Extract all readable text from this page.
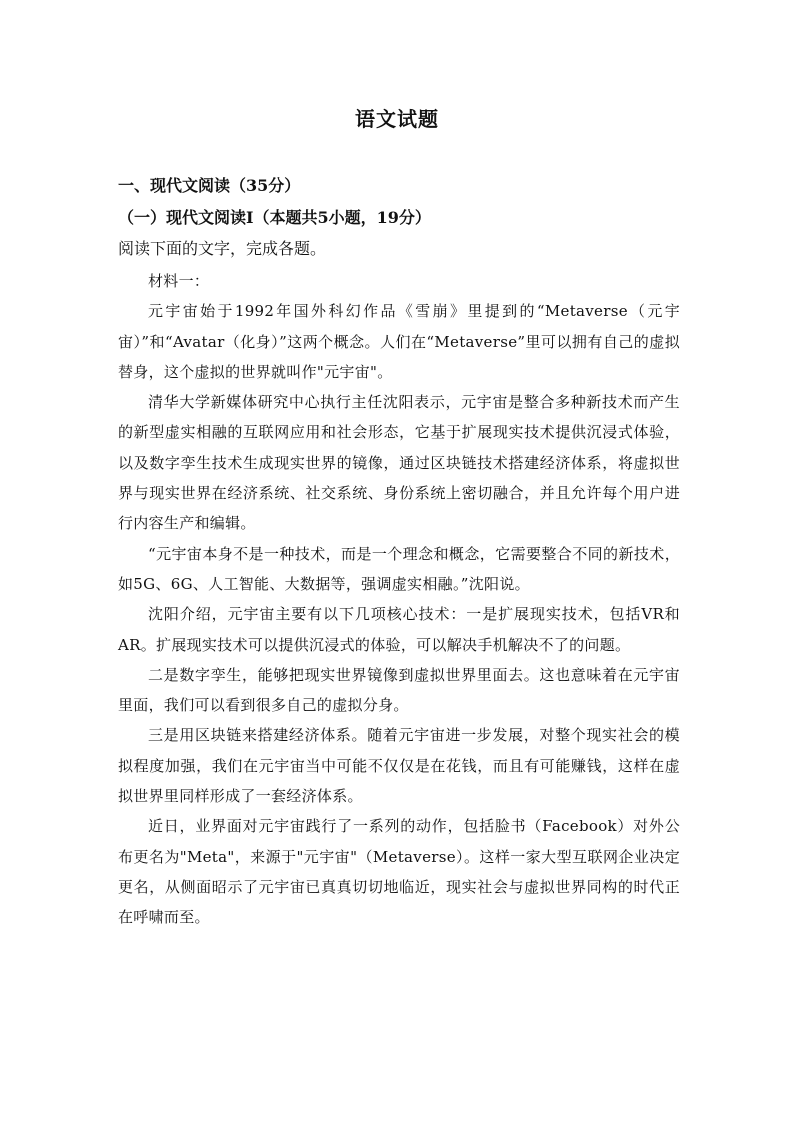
语文试题
一、现代文阅读（35分）
（一）现代文阅读Ⅰ（本题共5小题，19分）
阅读下面的文字，完成各题。

材料一：

元宇宙始于1992年国外科幻作品《雪崩》里提到的“Metaverse（元宇宙）”和“Avatar（化身）”这两个概念。人们在“Metaverse”里可以拥有自己的虚拟替身，这个虚拟的世界就叫作"元宇宙"。

清华大学新媒体研究中心执行主任沈阳表示，元宇宙是整合多种新技术而产生的新型虚实相融的互联网应用和社会形态，它基于扩展现实技术提供沉浸式体验，以及数字孪生技术生成现实世界的镜像，通过区块链技术搭建经济体系，将虚拟世界与现实世界在经济系统、社交系统、身份系统上密切融合，并且允许每个用户进行内容生产和编辑。

“元宇宙本身不是一种技术，而是一个理念和概念，它需要整合不同的新技术，如5G、6G、人工智能、大数据等，强调虚实相融。”沈阳说。

沈阳介绍，元宇宙主要有以下几项核心技术：一是扩展现实技术，包括VR和AR。扩展现实技术可以提供沉浸式的体验，可以解决手机解决不了的问题。

二是数字孪生，能够把现实世界镜像到虚拟世界里面去。这也意味着在元宇宙里面，我们可以看到很多自己的虚拟分身。

三是用区块链来搭建经济体系。随着元宇宙进一步发展，对整个现实社会的模拟程度加强，我们在元宇宙当中可能不仅仅是在花钱，而且有可能赚钱，这样在虚拟世界里同样形成了一套经济体系。

近日，业界面对元宇宙践行了一系列的动作，包括脸书（Facebook）对外公布更名为"Meta"，来源于"元宇宙"（Metaverse）。这样一家大型互联网企业决定更名，从侧面昭示了元宇宙已真真切切地临近，现实社会与虚拟世界同构的时代正在呼啸而至。
